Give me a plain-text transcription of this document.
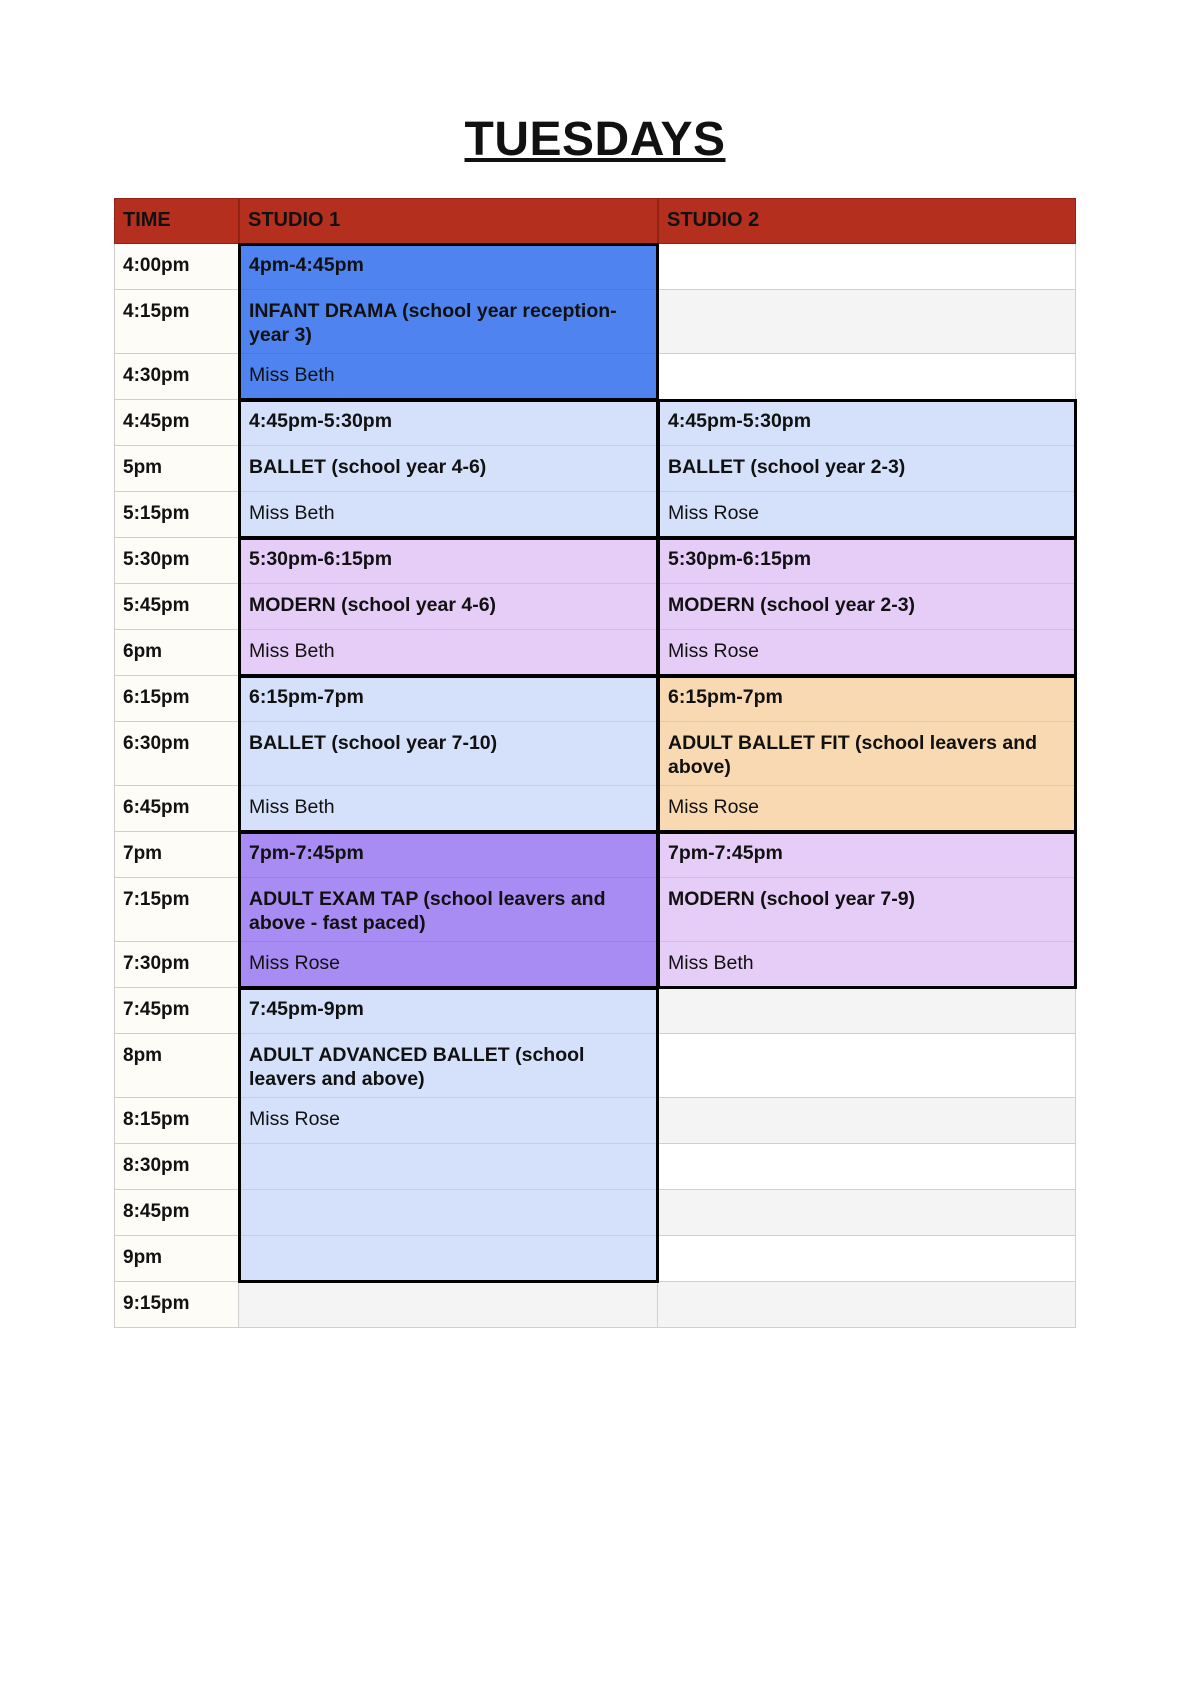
TUESDAYS
TIME	STUDIO 1	STUDIO 2
4:00pm
4:15pm
4:30pm
4:45pm
5pm
5:15pm
5:30pm
5:45pm
6pm
6:15pm
6:30pm
6:45pm
7pm
7:15pm
7:30pm
7:45pm
8pm
8:15pm
8:30pm
8:45pm
9pm
9:15pm
4pm-4:45pm
INFANT DRAMA (school year reception-year 3)
Miss Beth
4:45pm-5:30pm
BALLET (school year 4-6)
Miss Beth
4:45pm-5:30pm
BALLET (school year 2-3)
Miss Rose
5:30pm-6:15pm
MODERN (school year 4-6)
Miss Beth
5:30pm-6:15pm
MODERN (school year 2-3)
Miss Rose
6:15pm-7pm
BALLET (school year 7-10)
Miss Beth
6:15pm-7pm
ADULT BALLET FIT (school leavers and above)
Miss Rose
7pm-7:45pm
ADULT EXAM TAP (school leavers and above - fast paced)
Miss Rose
7pm-7:45pm
MODERN (school year 7-9)
Miss Beth
7:45pm-9pm
ADULT ADVANCED BALLET (school leavers and above)
Miss Rose
